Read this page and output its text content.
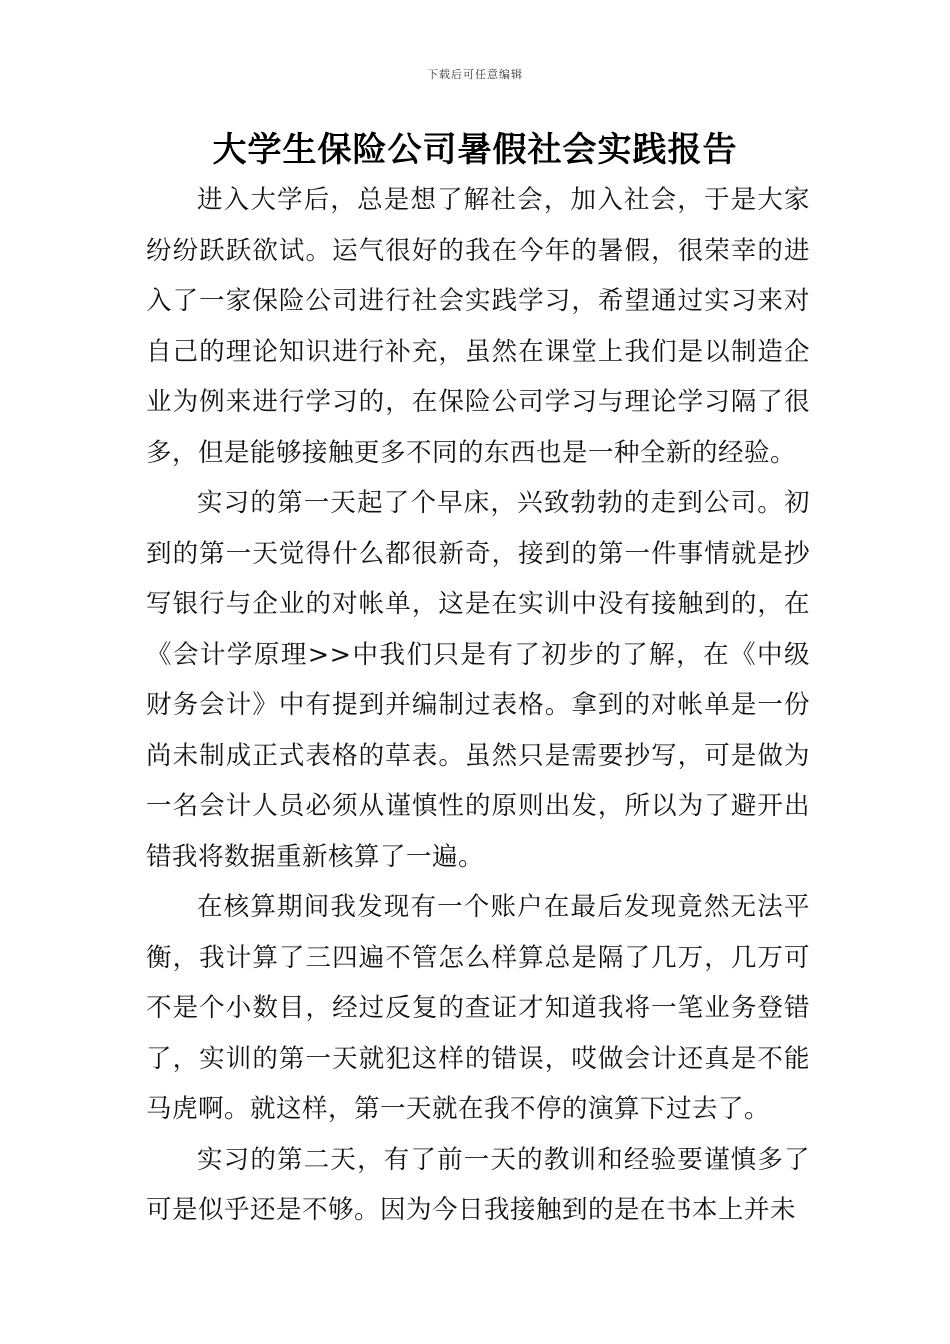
下载后可任意编辑
大学生保险公司暑假社会实践报告

进入大学后，总是想了解社会，加入社会，于是大家纷纷跃跃欲试。运气很好的我在今年的暑假，很荣幸的进入了一家保险公司进行社会实践学习，希望通过实习来对自己的理论知识进行补充，虽然在课堂上我们是以制造企业为例来进行学习的，在保险公司学习与理论学习隔了很多，但是能够接触更多不同的东西也是一种全新的经验。

实习的第一天起了个早床，兴致勃勃的走到公司。初到的第一天觉得什么都很新奇，接到的第一件事情就是抄写银行与企业的对帐单，这是在实训中没有接触到的，在《会计学原理>>中我们只是有了初步的了解，在《中级财务会计》中有提到并编制过表格。拿到的对帐单是一份尚未制成正式表格的草表。虽然只是需要抄写，可是做为一名会计人员必须从谨慎性的原则出发，所以为了避开出错我将数据重新核算了一遍。

在核算期间我发现有一个账户在最后发现竟然无法平衡，我计算了三四遍不管怎么样算总是隔了几万，几万可不是个小数目，经过反复的查证才知道我将一笔业务登错了，实训的第一天就犯这样的错误，哎做会计还真是不能马虎啊。就这样，第一天就在我不停的演算下过去了。

实习的第二天，有了前一天的教训和经验要谨慎多了可是似乎还是不够。因为今日我接触到的是在书本上并未
